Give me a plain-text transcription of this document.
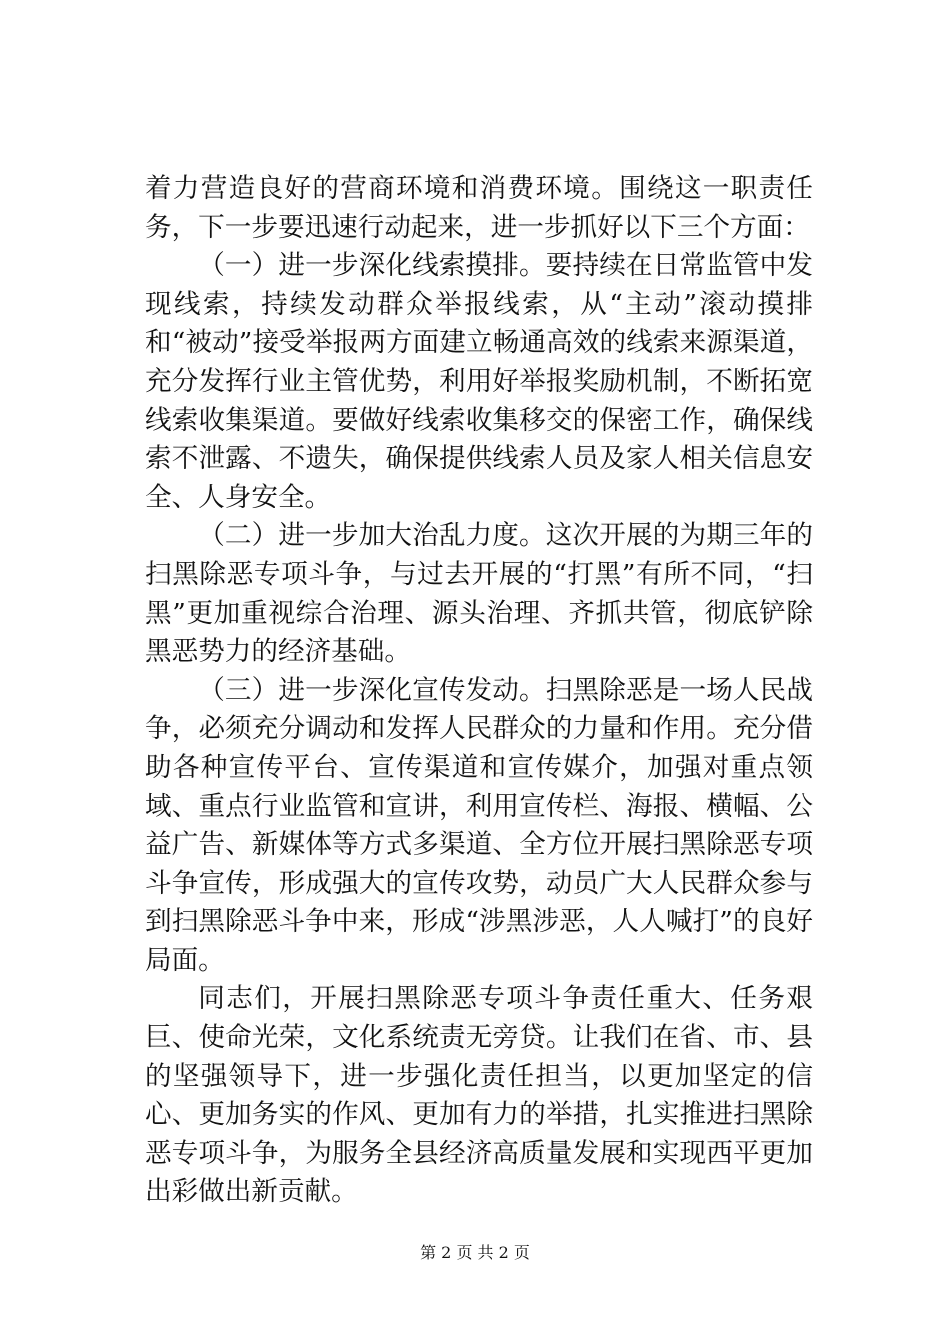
着力营造良好的营商环境和消费环境。围绕这一职责任务，下一步要迅速行动起来，进一步抓好以下三个方面：

（一）进一步深化线索摸排。要持续在日常监管中发现线索，持续发动群众举报线索，从“主动”滚动摸排和“被动”接受举报两方面建立畅通高效的线索来源渠道，充分发挥行业主管优势，利用好举报奖励机制，不断拓宽线索收集渠道。要做好线索收集移交的保密工作，确保线索不泄露、不遗失，确保提供线索人员及家人相关信息安全、人身安全。

（二）进一步加大治乱力度。这次开展的为期三年的扫黑除恶专项斗争，与过去开展的“打黑”有所不同，“扫黑”更加重视综合治理、源头治理、齐抓共管，彻底铲除黑恶势力的经济基础。

（三）进一步深化宣传发动。扫黑除恶是一场人民战争，必须充分调动和发挥人民群众的力量和作用。充分借助各种宣传平台、宣传渠道和宣传媒介，加强对重点领域、重点行业监管和宣讲，利用宣传栏、海报、横幅、公益广告、新媒体等方式多渠道、全方位开展扫黑除恶专项斗争宣传，形成强大的宣传攻势，动员广大人民群众参与到扫黑除恶斗争中来，形成“涉黑涉恶，人人喊打”的良好局面。

同志们，开展扫黑除恶专项斗争责任重大、任务艰巨、使命光荣，文化系统责无旁贷。让我们在省、市、县的坚强领导下，进一步强化责任担当，以更加坚定的信心、更加务实的作风、更加有力的举措，扎实推进扫黑除恶专项斗争，为服务全县经济高质量发展和实现西平更加出彩做出新贡献。

第 2 页 共 2 页
